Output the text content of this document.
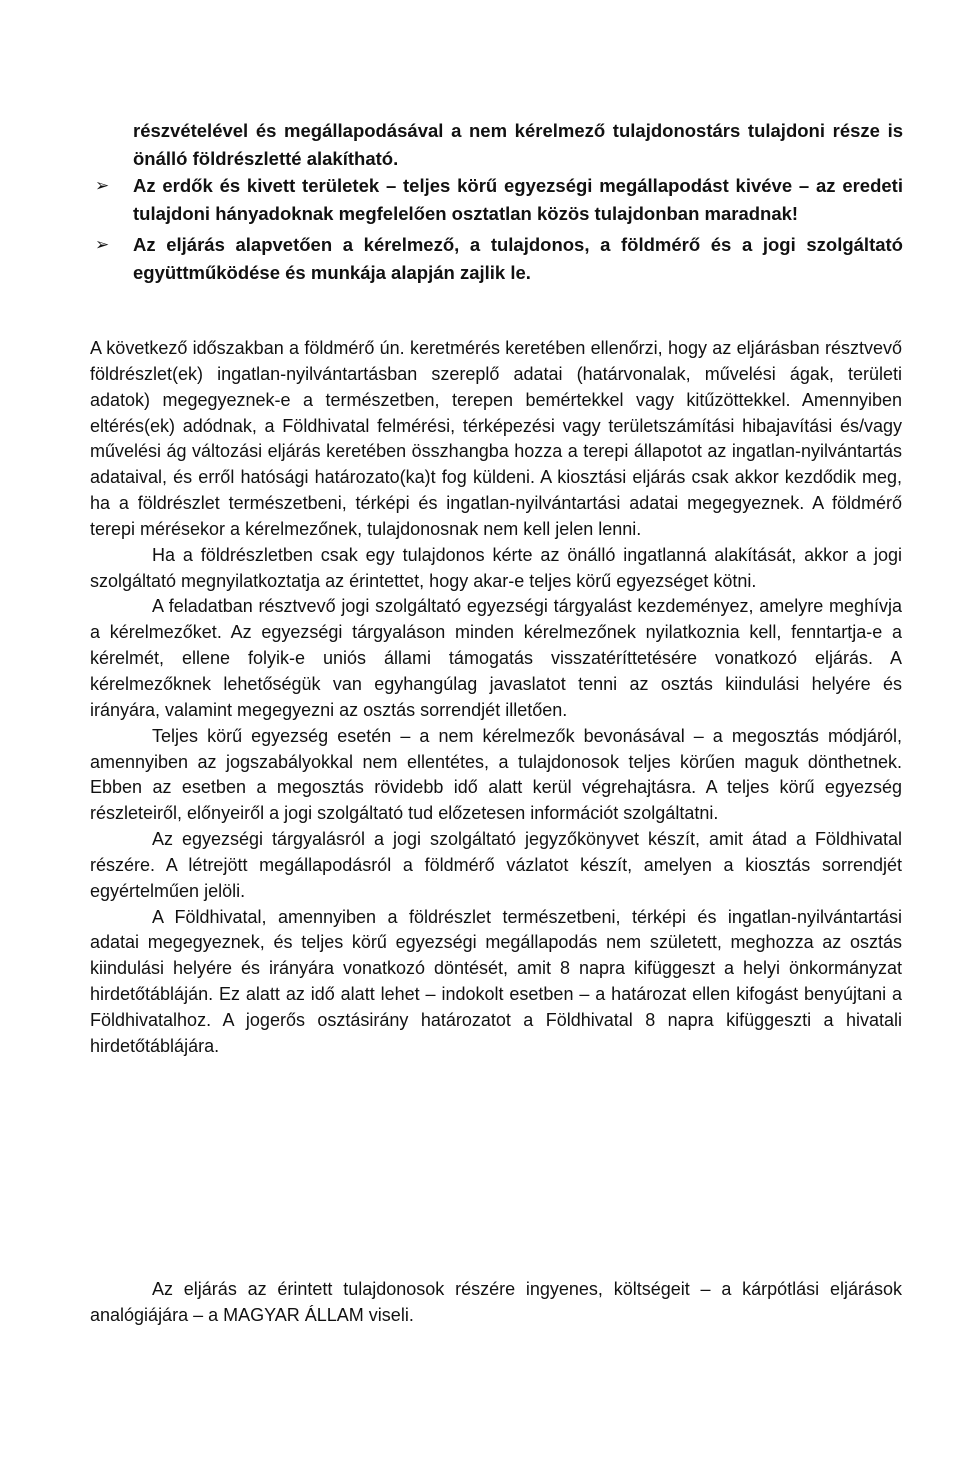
részvételével és megállapodásával a nem kérelmező tulajdonostárs tulajdoni része is önálló földrészletté alakítható.

➢ Az erdők és kivett területek – teljes körű egyezségi megállapodást kivéve – az eredeti tulajdoni hányadoknak megfelelően osztatlan közös tulajdonban maradnak!

➢ Az eljárás alapvetően a kérelmező, a tulajdonos, a földmérő és a jogi szolgáltató együttműködése és munkája alapján zajlik le.

A következő időszakban a földmérő ún. keretmérés keretében ellenőrzi, hogy az eljárásban résztvevő földrészlet(ek) ingatlan-nyilvántartásban szereplő adatai (határvonalak, művelési ágak, területi adatok) megegyeznek-e a természetben, terepen bemértekkel vagy kitűzöttekkel. Amennyiben eltérés(ek) adódnak, a Földhivatal felmérési, térképezési vagy területszámítási hibajavítási és/vagy művelési ág változási eljárás keretében összhangba hozza a terepi állapotot az ingatlan-nyilvántartás adataival, és erről hatósági határozato(ka)t fog küldeni. A kiosztási eljárás csak akkor kezdődik meg, ha a földrészlet természetbeni, térképi és ingatlan-nyilvántartási adatai megegyeznek. A földmérő terepi mérésekor a kérelmezőnek, tulajdonosnak nem kell jelen lenni.

Ha a földrészletben csak egy tulajdonos kérte az önálló ingatlanná alakítását, akkor a jogi szolgáltató megnyilatkoztatja az érintettet, hogy akar-e teljes körű egyezséget kötni.

A feladatban résztvevő jogi szolgáltató egyezségi tárgyalást kezdeményez, amelyre meghívja a kérelmezőket. Az egyezségi tárgyaláson minden kérelmezőnek nyilatkoznia kell, fenntartja-e a kérelmét, ellene folyik-e uniós állami támogatás visszatéríttetésére vonatkozó eljárás. A kérelmezőknek lehetőségük van egyhangúlag javaslatot tenni az osztás kiindulási helyére és irányára, valamint megegyezni az osztás sorrendjét illetően.

Teljes körű egyezség esetén – a nem kérelmezők bevonásával – a megosztás módjáról, amennyiben az jogszabályokkal nem ellentétes, a tulajdonosok teljes körűen maguk dönthetnek. Ebben az esetben a megosztás rövidebb idő alatt kerül végrehajtásra. A teljes körű egyezség részleteiről, előnyeiről a jogi szolgáltató tud előzetesen információt szolgáltatni.

Az egyezségi tárgyalásról a jogi szolgáltató jegyzőkönyvet készít, amit átad a Földhivatal részére. A létrejött megállapodásról a földmérő vázlatot készít, amelyen a kiosztás sorrendjét egyértelműen jelöli.

A Földhivatal, amennyiben a földrészlet természetbeni, térképi és ingatlan-nyilvántartási adatai megegyeznek, és teljes körű egyezségi megállapodás nem született, meghozza az osztás kiindulási helyére és irányára vonatkozó döntését, amit 8 napra kifüggeszt a helyi önkormányzat hirdetőtábláján. Ez alatt az idő alatt lehet – indokolt esetben – a határozat ellen kifogást benyújtani a Földhivatalhoz. A jogerős osztásirány határozatot a Földhivatal 8 napra kifüggeszti a hivatali hirdetőtáblájára.

Az eljárás az érintett tulajdonosok részére ingyenes, költségeit – a kárpótlási eljárások analógiájára – a MAGYAR ÁLLAM viseli.
